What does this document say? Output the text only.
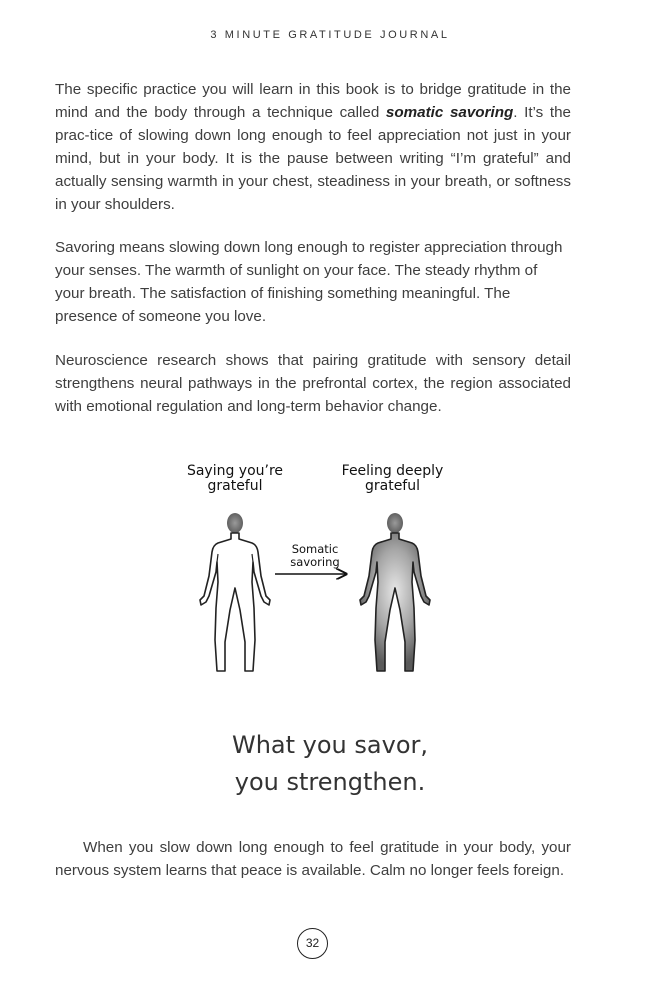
3 MINUTE GRATITUDE JOURNAL

The specific practice you will learn in this book is to bridge gratitude in the mind and the body through a technique called somatic savoring. It’s the prac-tice of slowing down long enough to feel appreciation not just in your mind, but in your body. It is the pause between writing “I’m grateful” and actually sensing warmth in your chest, steadiness in your breath, or softness in your shoulders.

Savoring means slowing down long enough to register appreciation through your senses. The warmth of sunlight on your face. The steady rhythm of your breath. The satisfaction of finishing something meaningful. The presence of someone you love.

Neuroscience research shows that pairing gratitude with sensory detail strengthens neural pathways in the prefrontal cortex, the region associated with emotional regulation and long-term behavior change.

Saying you’re
grateful
Feeling deeply
grateful
Somatic
savoring
What you savor,
you strengthen.

When you slow down long enough to feel gratitude in your body, your nervous system learns that peace is available. Calm no longer feels foreign.

32
